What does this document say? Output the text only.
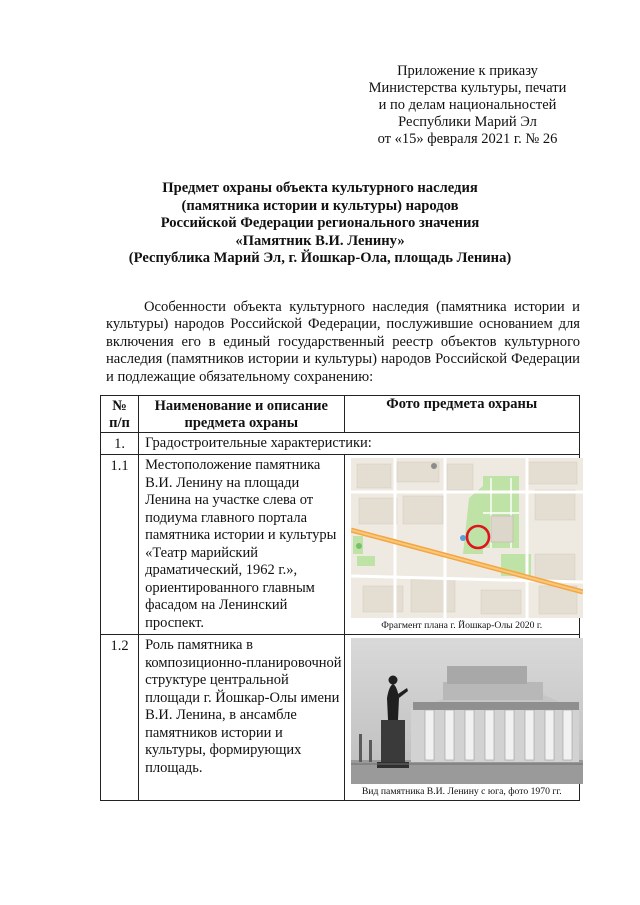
Приложение к приказу
Министерства культуры, печати
и по делам национальностей
Республики Марий Эл
от «15» февраля 2021 г. № 26
Предмет охраны объекта культурного наследия
(памятника истории и культуры) народов
Российской Федерации регионального значения
«Памятник В.И. Ленину»
(Республика Марий Эл, г. Йошкар-Ола, площадь Ленина)
Особенности объекта культурного наследия (памятника истории и культуры) народов Российской Федерации, послужившие основанием для включения его в единый государственный реестр объектов культурного наследия (памятников истории и культуры) народов Российской Федерации и подлежащие обязательному сохранению:
№ п/п	Наименование и описание предмета охраны	Фото предмета охраны
1.	Градостроительные характеристики:	
1.1	Местоположение памятника В.И. Ленину на площади Ленина на участке слева от подиума главного портала памятника истории и культуры «Театр марийский драматический, 1962 г.», ориентированного главным фасадом на Ленинский проспект.	Фрагмент плана г. Йошкар-Олы 2020 г.

1.2	Роль памятника в композиционно-планировочной структуре центральной площади г. Йошкар-Олы имени В.И. Ленина, в ансамбле памятников истории и культуры, формирующих площадь.	Вид памятника В.И. Ленину с юга, фото 1970 гг.
